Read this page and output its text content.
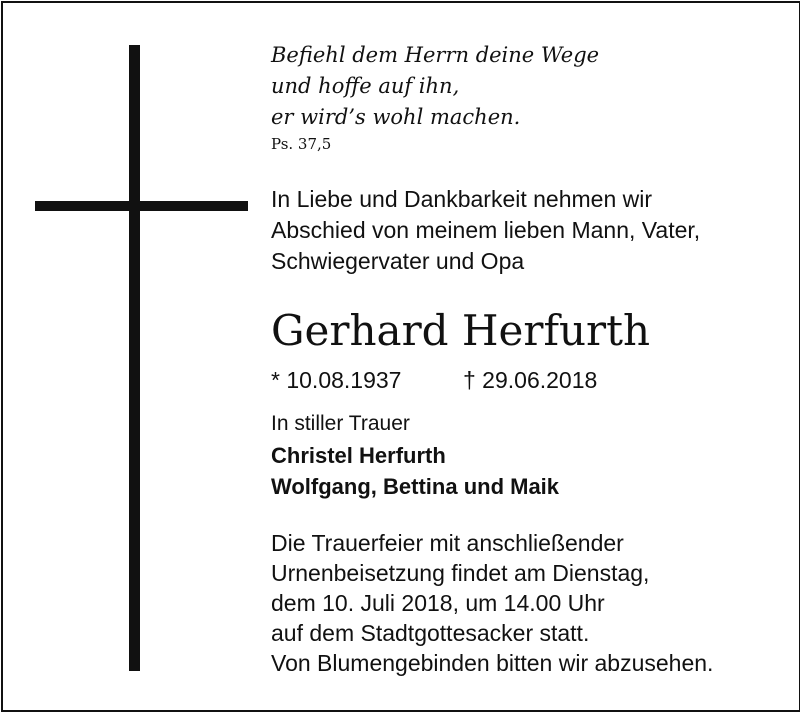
Befiehl dem Herrn deine Wege
und hoffe auf ihn,
er wird’s wohl machen.
Ps. 37,5
In Liebe und Dankbarkeit nehmen wir
Abschied von meinem lieben Mann, Vater,
Schwiegervater und Opa
Gerhard Herfurth
* 10.08.1937	† 29.06.2018
In stiller Trauer
Christel Herfurth
Wolfgang, Bettina und Maik
Die Trauerfeier mit anschließender
Urnenbeisetzung findet am Dienstag,
dem 10. Juli 2018, um 14.00 Uhr
auf dem Stadtgottesacker statt.
Von Blumengebinden bitten wir abzusehen.
